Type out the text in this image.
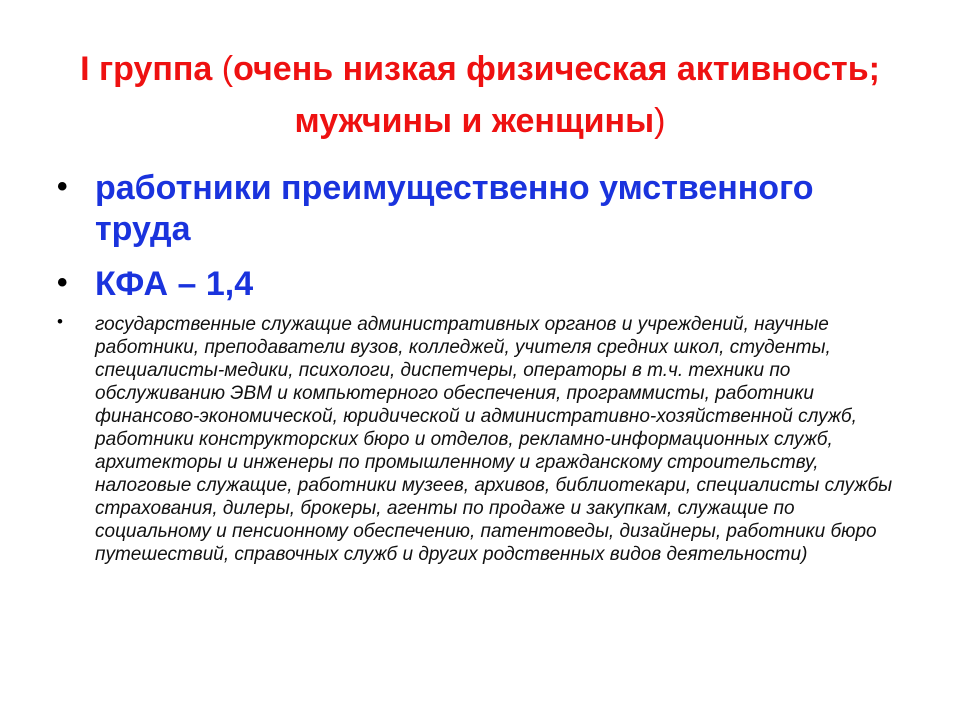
I группа (очень низкая физическая активность; мужчины и женщины)
• работники преимущественно умственного труда
• КФА – 1,4
• государственные служащие административных органов и учреждений, научные работники, преподаватели вузов, колледжей, учителя средних школ, студенты, специалисты-медики, психологи, диспетчеры, операторы в т.ч. техники по обслуживанию ЭВМ и компьютерного обеспечения, программисты, работники финансово-экономической, юридической и административно-хозяйственной служб, работники конструкторских бюро и отделов, рекламно-информационных служб, архитекторы и инженеры по промышленному и гражданскому строительству, налоговые служащие, работники музеев, архивов, библиотекари, специалисты службы страхования, дилеры, брокеры, агенты по продаже и закупкам, служащие по социальному и пенсионному обеспечению, патентоведы, дизайнеры, работники бюро путешествий, справочных служб и других родственных видов деятельности)
